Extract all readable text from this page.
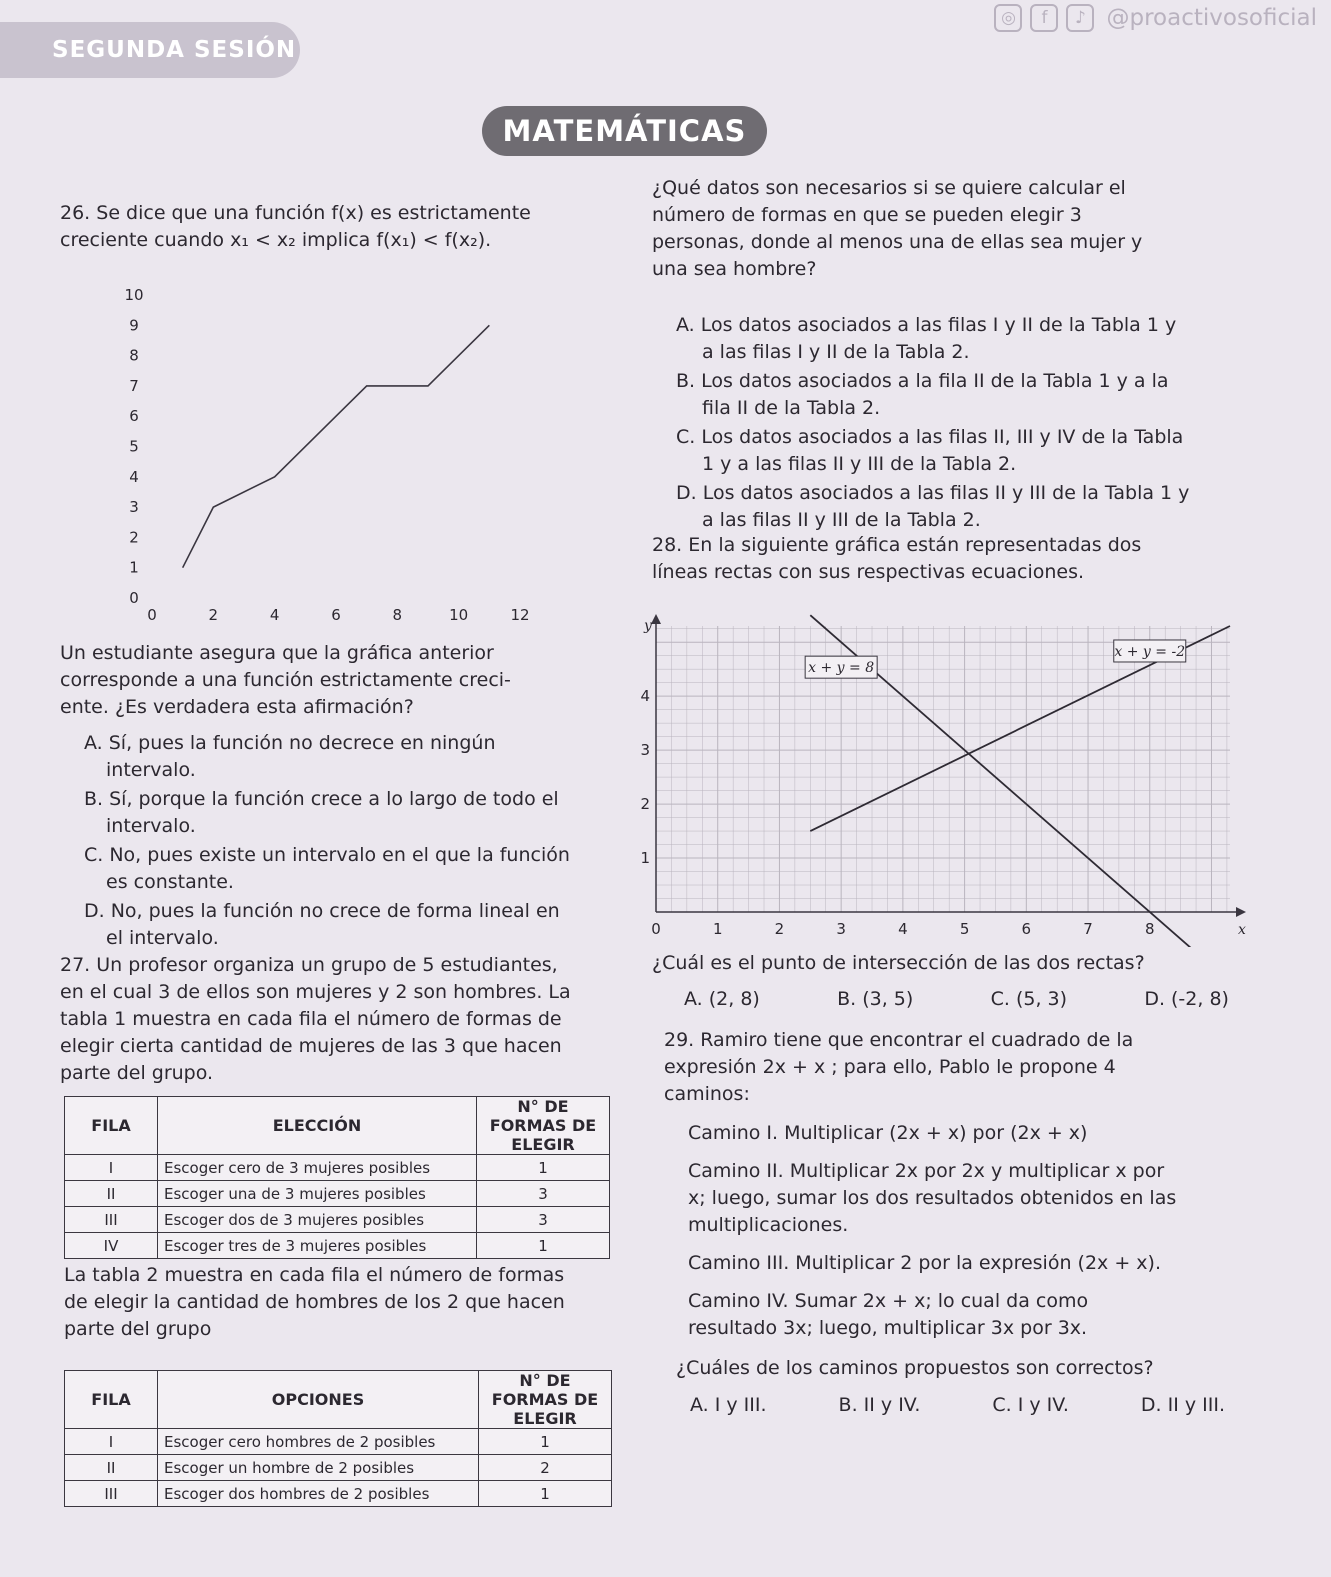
SEGUNDA SESIÓN
◎	f	♪ @proactivosoficial
MATEMÁTICAS
26. Se dice que una función f(x) es estrictamente
creciente cuando x₁ < x₂ implica f(x₁) < f(x₂).
0
1
2
3
4
5
6
7
8
9
10
0	2	4	6	8	10	12
Un estudiante asegura que la gráfica anterior
corresponde a una función estrictamente creci-
ente. ¿Es verdadera esta afirmación?
A. Sí, pues la función no decrece en ningún
intervalo.
B. Sí, porque la función crece a lo largo de todo el
intervalo.
C. No, pues existe un intervalo en el que la función
es constante.
D. No, pues la función no crece de forma lineal en
el intervalo.
27. Un profesor organiza un grupo de 5 estudiantes,
en el cual 3 de ellos son mujeres y 2 son hombres. La
tabla 1 muestra en cada fila el número de formas de
elegir cierta cantidad de mujeres de las 3 que hacen
parte del grupo.
FILA	ELECCIÓN	N° DE FORMAS DE ELEGIR
I	Escoger cero de 3 mujeres posibles	1
II	Escoger una de 3 mujeres posibles	3
III	Escoger dos de 3 mujeres posibles	3
IV	Escoger tres de 3 mujeres posibles	1
La tabla 2 muestra en cada fila el número de formas
de elegir la cantidad de hombres de los 2 que hacen
parte del grupo
FILA	OPCIONES	N° DE FORMAS DE ELEGIR
I	Escoger cero hombres de 2 posibles	1
II	Escoger un hombre de 2 posibles	2
III	Escoger dos hombres de 2 posibles	1
¿Qué datos son necesarios si se quiere calcular el
número de formas en que se pueden elegir 3
personas, donde al menos una de ellas sea mujer y
una sea hombre?
A. Los datos asociados a las filas I y II de la Tabla 1 y
a las filas I y II de la Tabla 2.
B. Los datos asociados a la fila II de la Tabla 1 y a la
fila II de la Tabla 2.
C. Los datos asociados a las filas II, III y IV de la Tabla
1 y a las filas II y III de la Tabla 2.
D. Los datos asociados a las filas II y III de la Tabla 1 y
a las filas II y III de la Tabla 2.
28. En la siguiente gráfica están representadas dos
líneas rectas con sus respectivas ecuaciones.
0	1	2	3	4	5	6	7	8
1
2
3
4
x
y
x + y = 8
x + y = -2
¿Cuál es el punto de intersección de las dos rectas?
A. (2, 8)	B. (3, 5)	C. (5, 3)	D. (-2, 8)
29. Ramiro tiene que encontrar el cuadrado de la
expresión 2x + x ; para ello, Pablo le propone 4
caminos:
Camino I. Multiplicar (2x + x) por (2x + x)
Camino II. Multiplicar 2x por 2x y multiplicar x por
x; luego, sumar los dos resultados obtenidos en las
multiplicaciones.
Camino III. Multiplicar 2 por la expresión (2x + x).
Camino IV. Sumar 2x + x; lo cual da como
resultado 3x; luego, multiplicar 3x por 3x.
¿Cuáles de los caminos propuestos son correctos?
A. I y III.	B. II y IV.	C. I y IV.	D. II y III.
